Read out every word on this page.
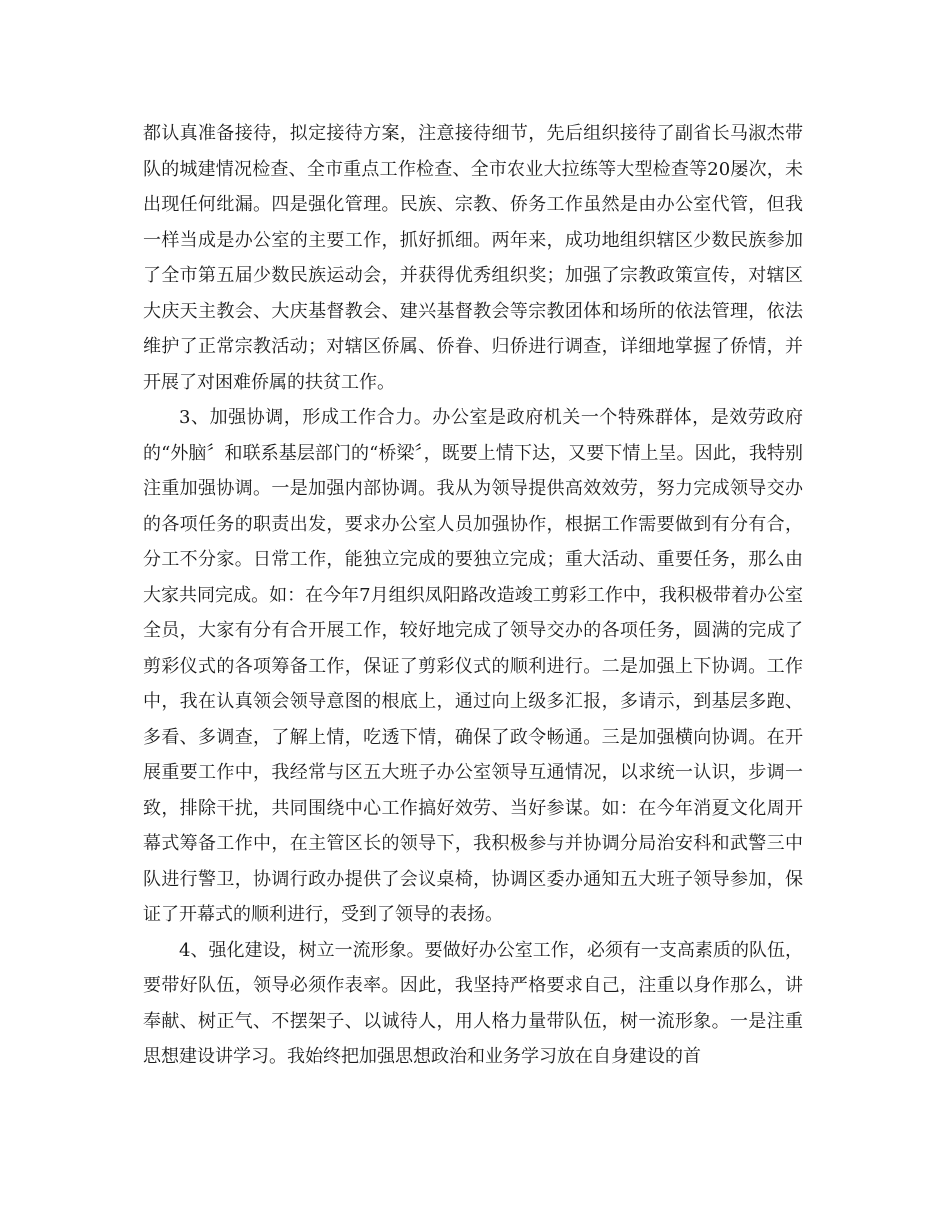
都认真准备接待，拟定接待方案，注意接待细节，先后组织接待了副省长马淑杰带队的城建情况检查、全市重点工作检查、全市农业大拉练等大型检查等20屡次，未出现任何纰漏。四是强化管理。民族、宗教、侨务工作虽然是由办公室代管，但我一样当成是办公室的主要工作，抓好抓细。两年来，成功地组织辖区少数民族参加了全市第五届少数民族运动会，并获得优秀组织奖；加强了宗教政策宣传，对辖区大庆天主教会、大庆基督教会、建兴基督教会等宗教团体和场所的依法管理，依法维护了正常宗教活动；对辖区侨属、侨眷、归侨进行调查，详细地掌握了侨情，并开展了对困难侨属的扶贫工作。

3、加强协调，形成工作合力。办公室是政府机关一个特殊群体，是效劳政府的“外脑〞和联系基层部门的“桥梁〞，既要上情下达，又要下情上呈。因此，我特别注重加强协调。一是加强内部协调。我从为领导提供高效效劳，努力完成领导交办的各项任务的职责出发，要求办公室人员加强协作，根据工作需要做到有分有合，分工不分家。日常工作，能独立完成的要独立完成；重大活动、重要任务，那么由大家共同完成。如：在今年7月组织凤阳路改造竣工剪彩工作中，我积极带着办公室全员，大家有分有合开展工作，较好地完成了领导交办的各项任务，圆满的完成了剪彩仪式的各项筹备工作，保证了剪彩仪式的顺利进行。二是加强上下协调。工作中，我在认真领会领导意图的根底上，通过向上级多汇报，多请示，到基层多跑、多看、多调查，了解上情，吃透下情，确保了政令畅通。三是加强横向协调。在开展重要工作中，我经常与区五大班子办公室领导互通情况，以求统一认识，步调一致，排除干扰，共同围绕中心工作搞好效劳、当好参谋。如：在今年消夏文化周开幕式筹备工作中，在主管区长的领导下，我积极参与并协调分局治安科和武警三中队进行警卫，协调行政办提供了会议桌椅，协调区委办通知五大班子领导参加，保证了开幕式的顺利进行，受到了领导的表扬。

4、强化建设，树立一流形象。要做好办公室工作，必须有一支高素质的队伍，要带好队伍，领导必须作表率。因此，我坚持严格要求自己，注重以身作那么，讲奉献、树正气、不摆架子、以诚待人，用人格力量带队伍，树一流形象。一是注重思想建设讲学习。我始终把加强思想政治和业务学习放在自身建设的首
